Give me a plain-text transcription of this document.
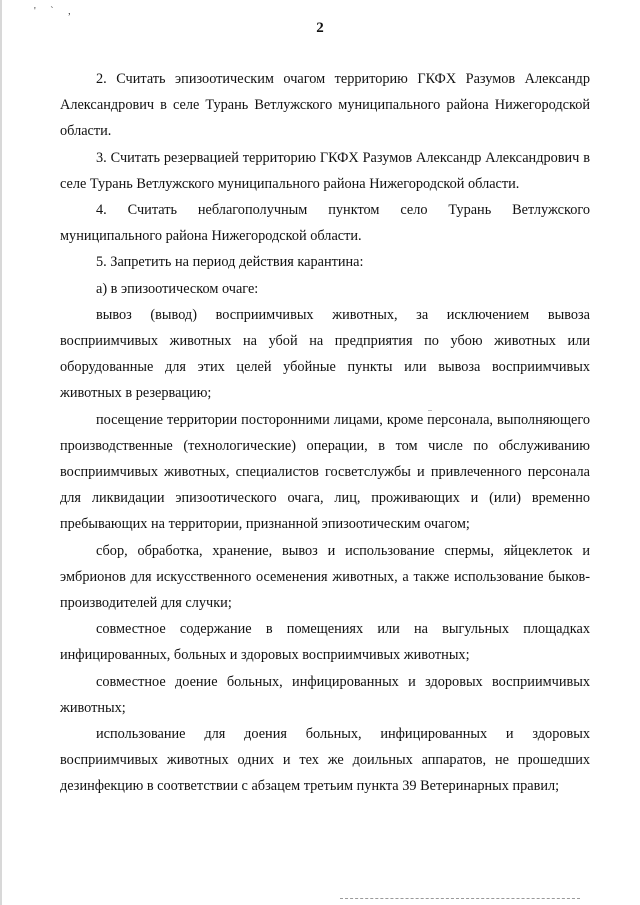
' ˋ ,
2

2. Считать эпизоотическим очагом территорию ГКФХ Разумов Александр Александрович в селе Турань Ветлужского муниципального района Нижегородской области.

3. Считать резервацией территорию ГКФХ Разумов Александр Александрович в селе Турань Ветлужского муниципального района Нижегородской области.

4. Считать неблагополучным пунктом село Турань Ветлужского муниципального района Нижегородской области.

5. Запретить на период действия карантина:

а) в эпизоотическом очаге:

вывоз (вывод) восприимчивых животных, за исключением вывоза восприимчивых животных на убой на предприятия по убою животных или оборудованные для этих целей убойные пункты или вывоза восприимчивых животных в резервацию;

посещение территории посторонними лицами, кроме персонала, выполняющего производственные (технологические) операции, в том числе по обслуживанию восприимчивых животных, специалистов госветслужбы и привлеченного персонала для ликвидации эпизоотического очага, лиц, проживающих и (или) временно пребывающих на территории, признанной эпизоотическим очагом;

сбор, обработка, хранение, вывоз и использование спермы, яйцеклеток и эмбрионов для искусственного осеменения животных, а также использование быков-производителей для случки;

совместное содержание в помещениях или на выгульных площадках инфицированных, больных и здоровых восприимчивых животных;

совместное доение больных, инфицированных и здоровых восприимчивых животных;

использование для доения больных, инфицированных и здоровых восприимчивых животных одних и тех же доильных аппаратов, не прошедших дезинфекцию в соответствии с абзацем третьим пункта 39 Ветеринарных правил;
